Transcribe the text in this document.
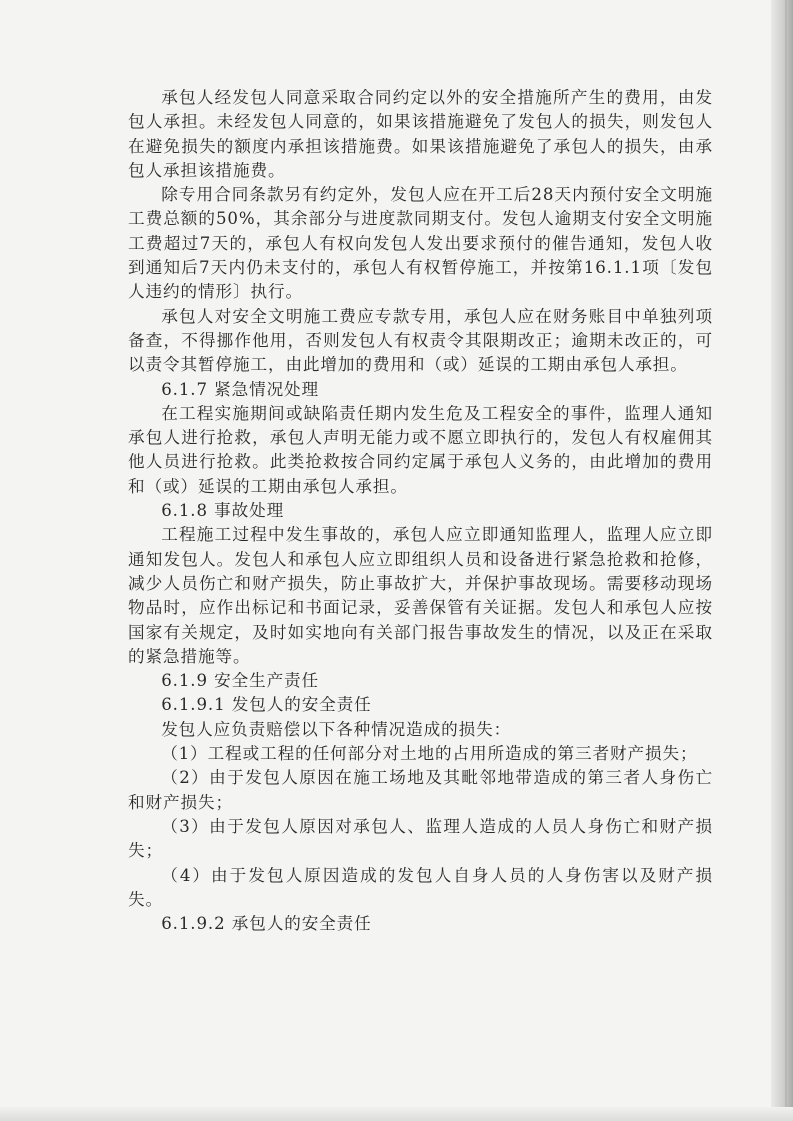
承包人经发包人同意采取合同约定以外的安全措施所产生的费用，由发包人承担。未经发包人同意的，如果该措施避免了发包人的损失，则发包人在避免损失的额度内承担该措施费。如果该措施避免了承包人的损失，由承包人承担该措施费。

除专用合同条款另有约定外，发包人应在开工后28天内预付安全文明施工费总额的50%，其余部分与进度款同期支付。发包人逾期支付安全文明施工费超过7天的，承包人有权向发包人发出要求预付的催告通知，发包人收到通知后7天内仍未支付的，承包人有权暂停施工，并按第16.1.1项〔发包人违约的情形〕执行。

承包人对安全文明施工费应专款专用，承包人应在财务账目中单独列项备查，不得挪作他用，否则发包人有权责令其限期改正；逾期未改正的，可以责令其暂停施工，由此增加的费用和（或）延误的工期由承包人承担。

6.1.7 紧急情况处理

在工程实施期间或缺陷责任期内发生危及工程安全的事件，监理人通知承包人进行抢救，承包人声明无能力或不愿立即执行的，发包人有权雇佣其他人员进行抢救。此类抢救按合同约定属于承包人义务的，由此增加的费用和（或）延误的工期由承包人承担。

6.1.8 事故处理

工程施工过程中发生事故的，承包人应立即通知监理人，监理人应立即通知发包人。发包人和承包人应立即组织人员和设备进行紧急抢救和抢修，减少人员伤亡和财产损失，防止事故扩大，并保护事故现场。需要移动现场物品时，应作出标记和书面记录，妥善保管有关证据。发包人和承包人应按国家有关规定，及时如实地向有关部门报告事故发生的情况，以及正在采取的紧急措施等。

6.1.9 安全生产责任

6.1.9.1 发包人的安全责任

发包人应负责赔偿以下各种情况造成的损失：

（1）工程或工程的任何部分对土地的占用所造成的第三者财产损失；

（2）由于发包人原因在施工场地及其毗邻地带造成的第三者人身伤亡和财产损失；

（3）由于发包人原因对承包人、监理人造成的人员人身伤亡和财产损失；

（4）由于发包人原因造成的发包人自身人员的人身伤害以及财产损失。

6.1.9.2 承包人的安全责任
